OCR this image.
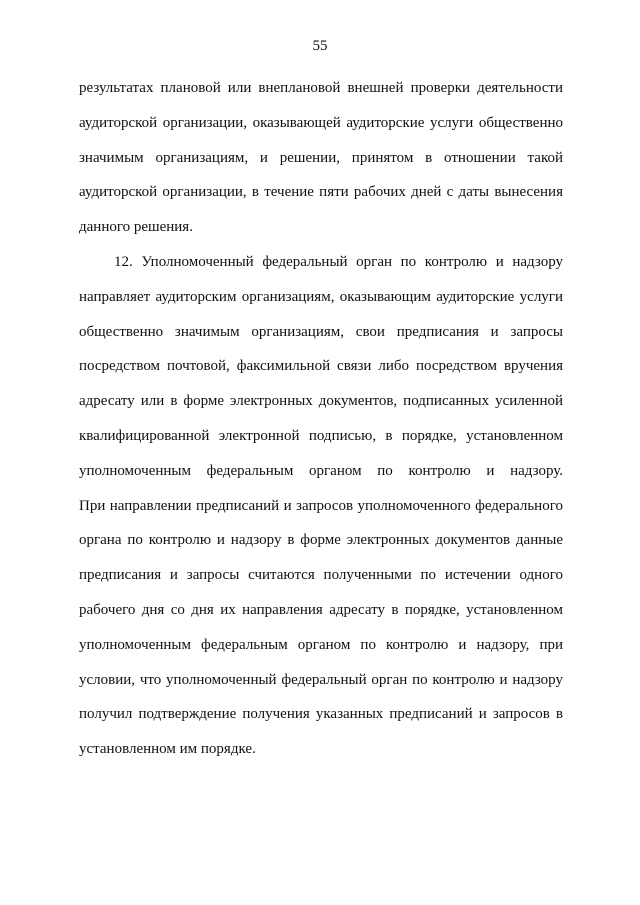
55
результатах плановой или внеплановой внешней проверки деятельности
аудиторской организации, оказывающей аудиторские услуги общественно
значимым организациям, и решении, принятом в отношении такой
аудиторской организации, в течение пяти рабочих дней с даты вынесения
данного решения.
12. Уполномоченный федеральный орган по контролю и надзору
направляет аудиторским организациям, оказывающим аудиторские услуги
общественно значимым организациям, свои предписания и запросы
посредством почтовой, факсимильной связи либо посредством вручения
адресату или в форме электронных документов, подписанных усиленной
квалифицированной электронной подписью, в порядке, установленном
уполномоченным федеральным органом по контролю и надзору.
При направлении предписаний и запросов уполномоченного федерального
органа по контролю и надзору в форме электронных документов данные
предписания и запросы считаются полученными по истечении одного
рабочего дня со дня их направления адресату в порядке, установленном
уполномоченным федеральным органом по контролю и надзору, при
условии, что уполномоченный федеральный орган по контролю и надзору
получил подтверждение получения указанных предписаний и запросов в
установленном им порядке.
